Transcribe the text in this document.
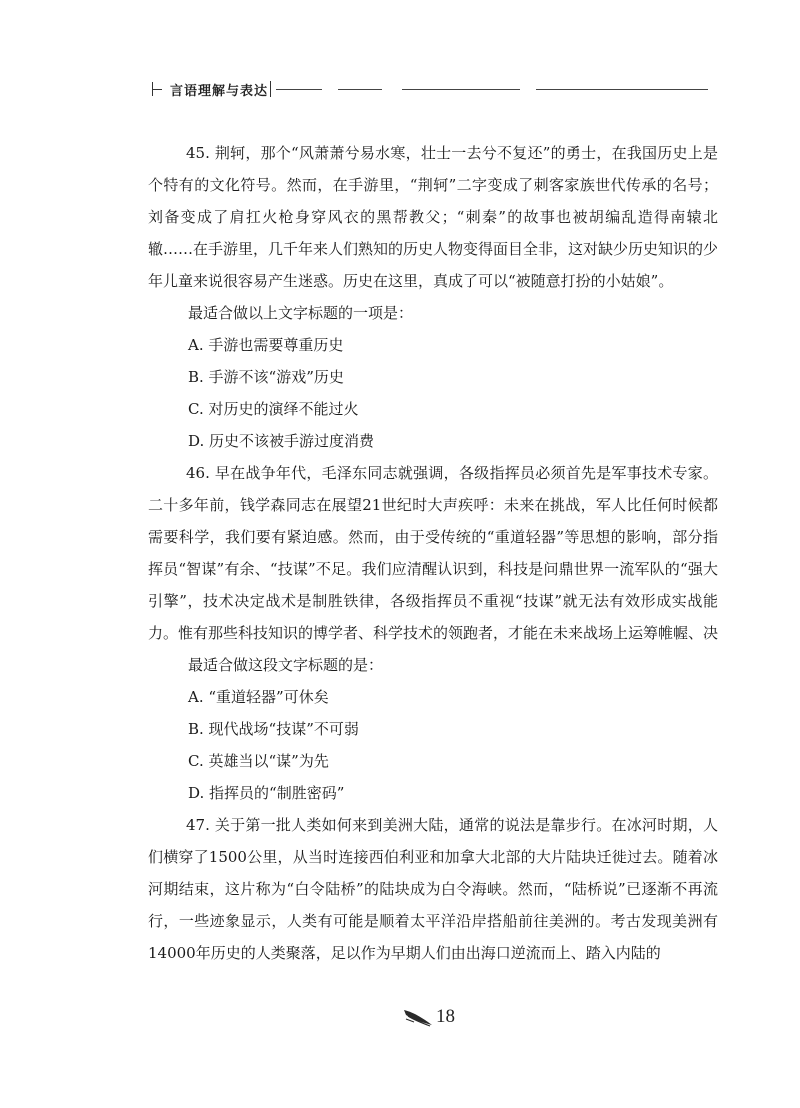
言语理解与表达

45. 荆轲，那个“风萧萧兮易水寒，壮士一去兮不复还”的勇士，在我国历史上是个特有的文化符号。然而，在手游里，“荆轲”二字变成了刺客家族世代传承的名号；刘备变成了肩扛火枪身穿风衣的黑帮教父；“刺秦”的故事也被胡编乱造得南辕北辙……在手游里，几千年来人们熟知的历史人物变得面目全非，这对缺少历史知识的少年儿童来说很容易产生迷惑。历史在这里，真成了可以“被随意打扮的小姑娘”。

最适合做以上文字标题的一项是：

A. 手游也需要尊重历史

B. 手游不该“游戏”历史

C. 对历史的演绎不能过火

D. 历史不该被手游过度消费

46. 早在战争年代，毛泽东同志就强调，各级指挥员必须首先是军事技术专家。二十多年前，钱学森同志在展望21世纪时大声疾呼：未来在挑战，军人比任何时候都需要科学，我们要有紧迫感。然而，由于受传统的“重道轻器”等思想的影响，部分指挥员“智谋”有余、“技谋”不足。我们应清醒认识到，科技是问鼎世界一流军队的“强大引擎”，技术决定战术是制胜铁律，各级指挥员不重视“技谋”就无法有效形成实战能力。惟有那些科技知识的博学者、科学技术的领跑者，才能在未来战场上运筹帷幄、决

最适合做这段文字标题的是：

A. “重道轻器”可休矣

B. 现代战场“技谋”不可弱

C. 英雄当以“谋”为先

D. 指挥员的“制胜密码”

47. 关于第一批人类如何来到美洲大陆，通常的说法是靠步行。在冰河时期，人们横穿了1500公里，从当时连接西伯利亚和加拿大北部的大片陆块迁徙过去。随着冰河期结束，这片称为“白令陆桥”的陆块成为白令海峡。然而，“陆桥说”已逐渐不再流行，一些迹象显示，人类有可能是顺着太平洋沿岸搭船前往美洲的。考古发现美洲有14000年历史的人类聚落，足以作为早期人们由出海口逆流而上、踏入内陆的

18
